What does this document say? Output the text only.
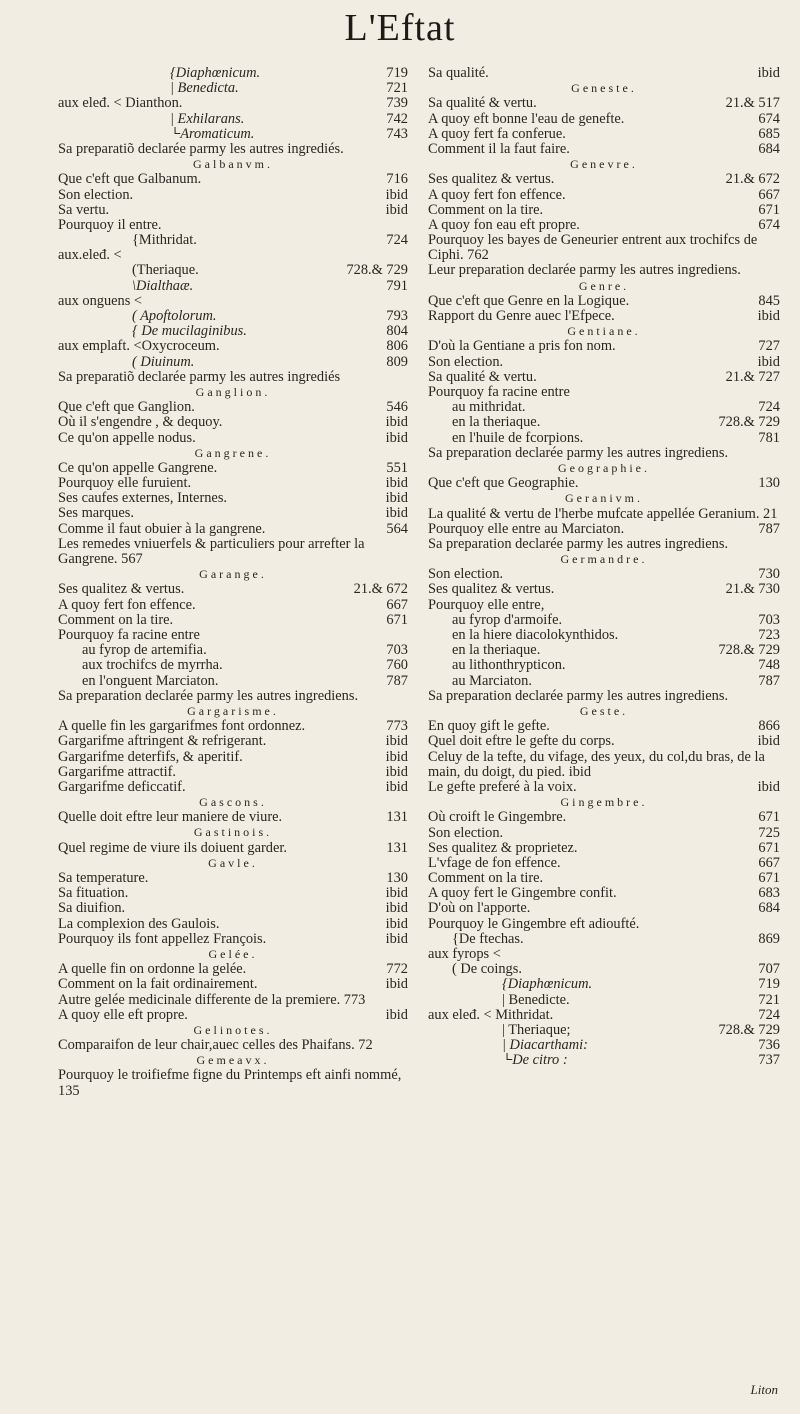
L'Eftat
{Diaphœnicum.	719
| Benedicta.	721
aux eleđ. < Dianthon.	739
| Exhilarans.	742
└Aromaticum.	743
Sa preparatiõ declarée parmy les autres ingrediés.
Galbanvm.
Que c'eft que Galbanum.	716
Son election.	ibid
Sa vertu.	ibid
Pourquoy il entre.
{Mithridat.	724
aux.eleđ. <
(Theriaque.	728.& 729
\Dialthaæ.	791
aux onguens <
( Apoftolorum.	793
{ De mucilaginibus.	804
aux emplaft. <Oxycroceum.	806
( Diuinum.	809
Sa preparatiõ declarée parmy les autres ingrediés
Ganglion.
Que c'eft que Ganglion.	546
Où il s'engendre , & dequoy.	ibid
Ce qu'on appelle nodus.	ibid
Gangrene.
Ce qu'on appelle Gangrene.	551
Pourquoy elle furuient.	ibid
Ses caufes externes, Internes.	ibid
Ses marques.	ibid
Comme il faut obuier à la gangrene.	564
Les remedes vniuerfels & particuliers pour arrefter la Gangrene. 567
Garange.
Ses qualitez & vertus.	21.& 672
A quoy fert fon effence.	667
Comment on la tire.	671
Pourquoy fa racine entre
au fyrop de artemifia.	703
aux trochifcs de myrrha.	760
en l'onguent Marciaton.	787
Sa preparation declarée parmy les autres ingrediens.
Gargarisme.
A quelle fin les gargarifmes font ordonnez.	773
Gargarifme aftringent & refrigerant.	ibid
Gargarifme deterfifs, & aperitif.	ibid
Gargarifme attractif.	ibid
Gargarifme deficcatif.	ibid
Gascons.
Quelle doit eftre leur maniere de viure.	131
Gastinois.
Quel regime de viure ils doiuent garder.	131
Gavle.
Sa temperature.	130
Sa fituation.	ibid
Sa diuifion.	ibid
La complexion des Gaulois.	ibid
Pourquoy ils font appellez François.	ibid
Gelée.
A quelle fin on ordonne la gelée.	772
Comment on la fait ordinairement.	ibid
Autre gelée medicinale differente de la premiere. 773
A quoy elle eft propre.	ibid
Gelinotes.
Comparaifon de leur chair,auec celles des Phaifans. 72
Gemeavx.
Pourquoy le troifiefme figne du Printemps eft ainfi nommé, 135
Sa qualité.	ibid
Geneste.
Sa qualité & vertu.	21.& 517
A quoy eft bonne l'eau de genefte.	674
A quoy fert fa conferue.	685
Comment il la faut faire.	684
Genevre.
Ses qualitez & vertus.	21.& 672
A quoy fert fon effence.	667
Comment on la tire.	671
A quoy fon eau eft propre.	674
Pourquoy les bayes de Geneurier entrent aux trochifcs de Ciphi. 762
Leur preparation declarée parmy les autres ingrediens.
Genre.
Que c'eft que Genre en la Logique.	845
Rapport du Genre auec l'Efpece.	ibid
Gentiane.
D'où la Gentiane a pris fon nom.	727
Son election.	ibid
Sa qualité & vertu.	21.& 727
Pourquoy fa racine entre
au mithridat.	724
en la theriaque.	728.& 729
en l'huile de fcorpions.	781
Sa preparation declarée parmy les autres ingrediens.
Geographie.
Que c'eft que Geographie.	130
Geranivm.
La qualité & vertu de l'herbe mufcate appellée Geranium. 21
Pourquoy elle entre au Marciaton.	787
Sa preparation declarée parmy les autres ingrediens.
Germandre.
Son election.	730
Ses qualitez & vertus.	21.& 730
Pourquoy elle entre,
au fyrop d'armoife.	703
en la hiere diacolokynthidos.	723
en la theriaque.	728.& 729
au lithonthrypticon.	748
au Marciaton.	787
Sa preparation declarée parmy les autres ingrediens.
Geste.
En quoy gift le gefte.	866
Quel doit eftre le gefte du corps.	ibid
Celuy de la tefte, du vifage, des yeux, du col,du bras, de la main, du doigt, du pied. ibid
Le gefte preferé à la voix.	ibid
Gingembre.
Où croift le Gingembre.	671
Son election.	725
Ses qualitez & proprietez.	671
L'vfage de fon effence.	667
Comment on la tire.	671
A quoy fert le Gingembre confit.	683
D'où on l'apporte.	684
Pourquoy le Gingembre eft adioufté.
{De ftechas.	869
aux fyrops <
( De coings.	707
{Diaphœnicum.	719
| Benedicte.	721
aux eleđ. < Mithridat.	724
| Theriaque;	728.& 729
| Diacarthami:	736
└De citro :	737
Liton
